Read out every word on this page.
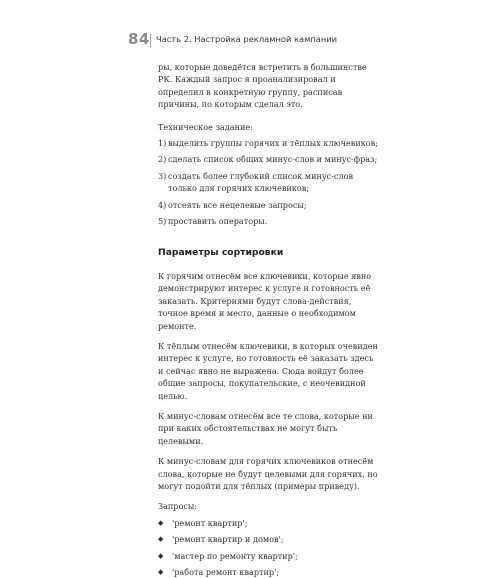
84 Часть 2. Настройка рекламной кампании

ры, которые доведётся встретить в большинстве РК. Каждый запрос я проанализировал и определил в конкретную группу, расписав причины, по которым сделал это.

Техническое задание:

1) выделить группы горячих и тёплых ключевиков;
2) сделать список общих минус-слов и минус-фраз;
3) создать более глубокий список минус-слов только для горячих ключевиков;
4) отсеять все нецелевые запросы;
5) проставить операторы.

Параметры сортировки

К горячим отнесём все ключевики, которые явно демонстрируют интерес к услуге и готовность её заказать. Критериями будут слова-действия, точное время и место, данные о необходимом ремонте.

К тёплым отнесём ключевики, в которых очевиден интерес к услуге, но готовность её заказать здесь и сейчас явно не выражена. Сюда войдут более общие запросы, покупательские, с неочевидной целью.

К минус-словам отнесём все те слова, которые ни при каких обстоятельствах не могут быть целевыми.

К минус-словам для горячих ключевиков отнесём слова, которые не будут целевыми для горячих, но могут подойти для тёплых (примеры приведу).

Запросы:

◆	'ремонт квартир';
◆	'ремонт квартир и домов';
◆	'мастер по ремонту квартир';
◆	'работа ремонт квартир';
